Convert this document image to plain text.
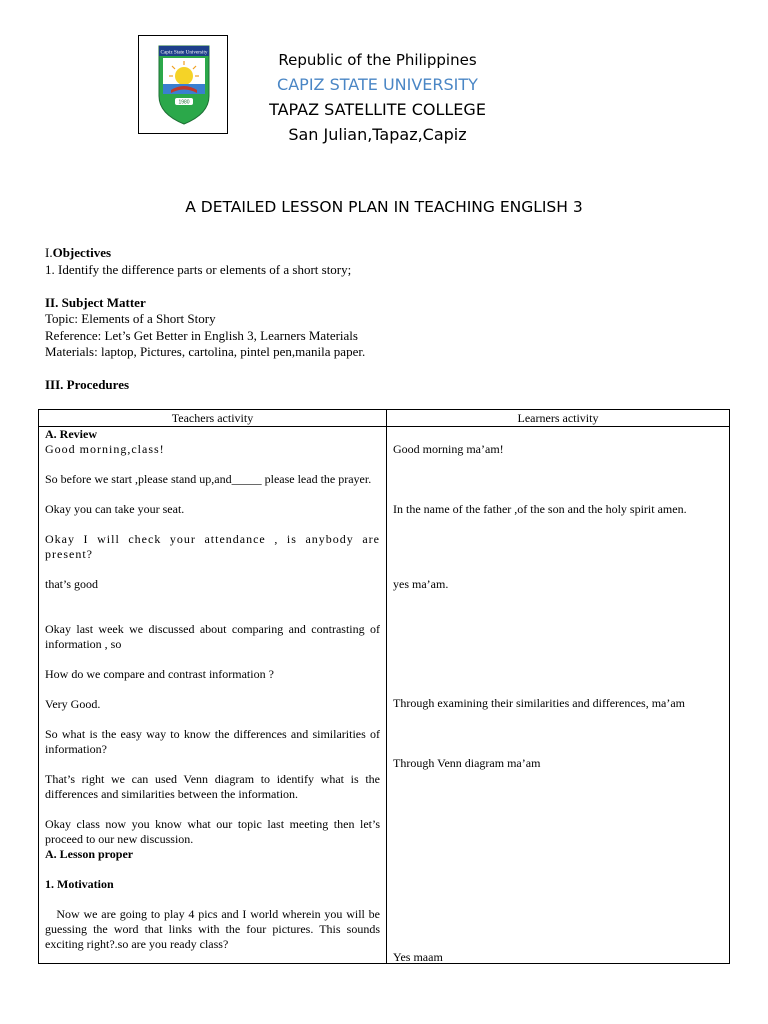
Capiz State University
1980
Republic of the Philippines
CAPIZ STATE UNIVERSITY
TAPAZ SATELLITE COLLEGE
San Julian,Tapaz,Capiz
A DETAILED LESSON PLAN IN TEACHING ENGLISH 3

I.Objectives

1. Identify the difference parts or elements of a short story;

II. Subject Matter

Topic: Elements of a Short Story

Reference: Let’s Get Better in English 3, Learners Materials

Materials: laptop, Pictures, cartolina, pintel pen,manila paper.

III. Procedures

Teachers activity	Learners activity

A. Review

Good morning,class!

So before we start ,please stand up,and_____ please lead the prayer.

Okay you can take your seat.

Okay I will check your attendance , is anybody are present?

that’s good

Okay last week we discussed about comparing and contrasting of information , so

How do we compare and contrast information ?

Very Good.

So what is the easy way to know the differences and similarities of information?

That’s right we can used Venn diagram to identify what is the differences and similarities between the information.

Okay class now you know what our topic last meeting then let’s proceed to our new discussion.

A. Lesson proper

1. Motivation

Now we are going to play 4 pics and I world wherein you will be guessing the word that links with the four pictures. This sounds exciting right?.so are you ready class?

Good morning ma’am!
In the name of the father ,of the son and the holy spirit amen.
yes ma’am.
Through examining their similarities and differences, ma’am
Through Venn diagram ma’am
Yes maam
